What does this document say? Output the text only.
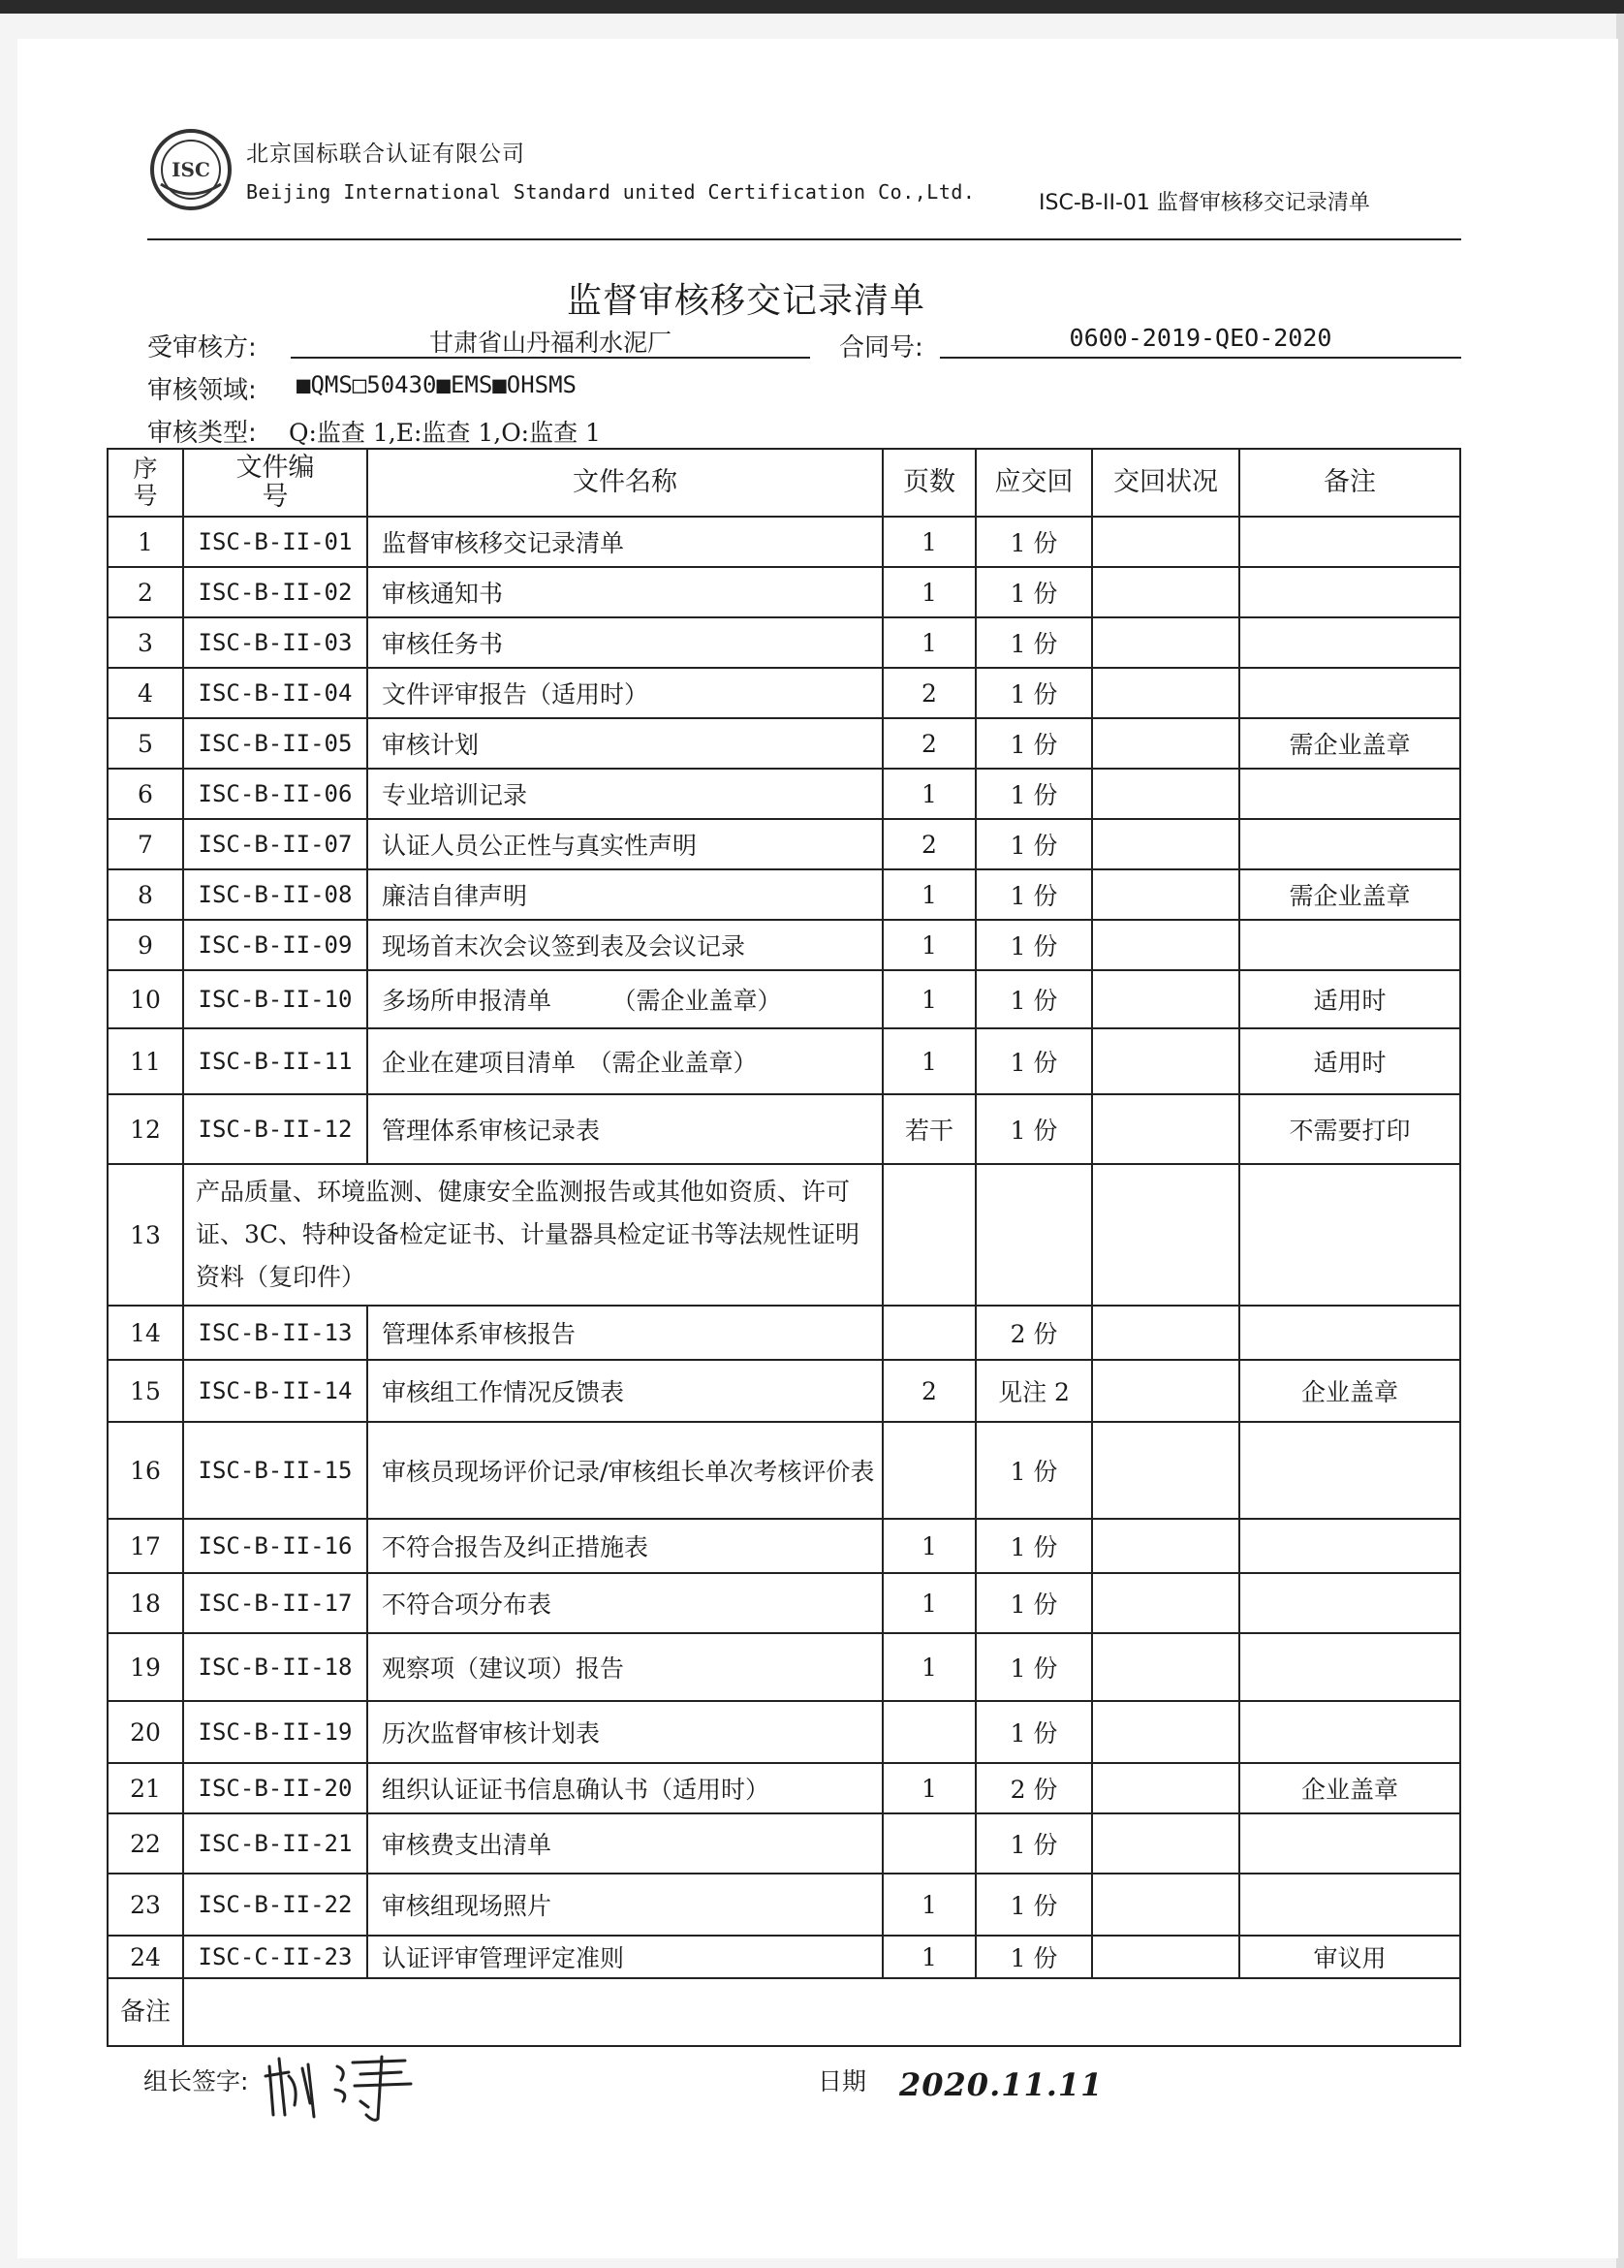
ISC
北京国标联合认证有限公司
Beijing International Standard united Certification Co.,Ltd.	ISC-B-II-01 监督审核移交记录清单
监督审核移交记录清单
受审核方:	甘肃省山丹福利水泥厂	合同号:	0600-2019-QEO-2020
审核领域: ■QMS□50430■EMS■OHSMS
审核类型: Q:监查 1,E:监查 1,O:监查 1
序号	文件编号	文件名称	页数	应交回	交回状况	备注
1	ISC-B-II-01	监督审核移交记录清单	1	1 份		
2	ISC-B-II-02	审核通知书	1	1 份		
3	ISC-B-II-03	审核任务书	1	1 份		
4	ISC-B-II-04	文件评审报告（适用时）	2	1 份		
5	ISC-B-II-05	审核计划	2	1 份		需企业盖章
6	ISC-B-II-06	专业培训记录	1	1 份		
7	ISC-B-II-07	认证人员公正性与真实性声明	2	1 份		
8	ISC-B-II-08	廉洁自律声明	1	1 份		需企业盖章
9	ISC-B-II-09	现场首末次会议签到表及会议记录	1	1 份		
10	ISC-B-II-10	多场所申报清单　　　（需企业盖章）	1	1 份		适用时
11	ISC-B-II-11	企业在建项目清单　（需企业盖章）	1	1 份		适用时
12	ISC-B-II-12	管理体系审核记录表	若干	1 份		不需要打印
13	产品质量、环境监测、健康安全监测报告或其他如资质、许可证、3C、特种设备检定证书、计量器具检定证书等法规性证明资料（复印件）					
14	ISC-B-II-13	管理体系审核报告		2 份		
15	ISC-B-II-14	审核组工作情况反馈表	2	见注 2		企业盖章
16	ISC-B-II-15	审核员现场评价记录/审核组长单次考核评价表		1 份		
17	ISC-B-II-16	不符合报告及纠正措施表	1	1 份		
18	ISC-B-II-17	不符合项分布表	1	1 份		
19	ISC-B-II-18	观察项（建议项）报告	1	1 份		
20	ISC-B-II-19	历次监督审核计划表		1 份		
21	ISC-B-II-20	组织认证证书信息确认书（适用时）	1	2 份		企业盖章
22	ISC-B-II-21	审核费支出清单		1 份		
23	ISC-B-II-22	审核组现场照片	1	1 份		
24	ISC-C-II-23	认证评审管理评定准则	1	1 份		审议用
备注						
组长签字:	日期 2020.11.11
